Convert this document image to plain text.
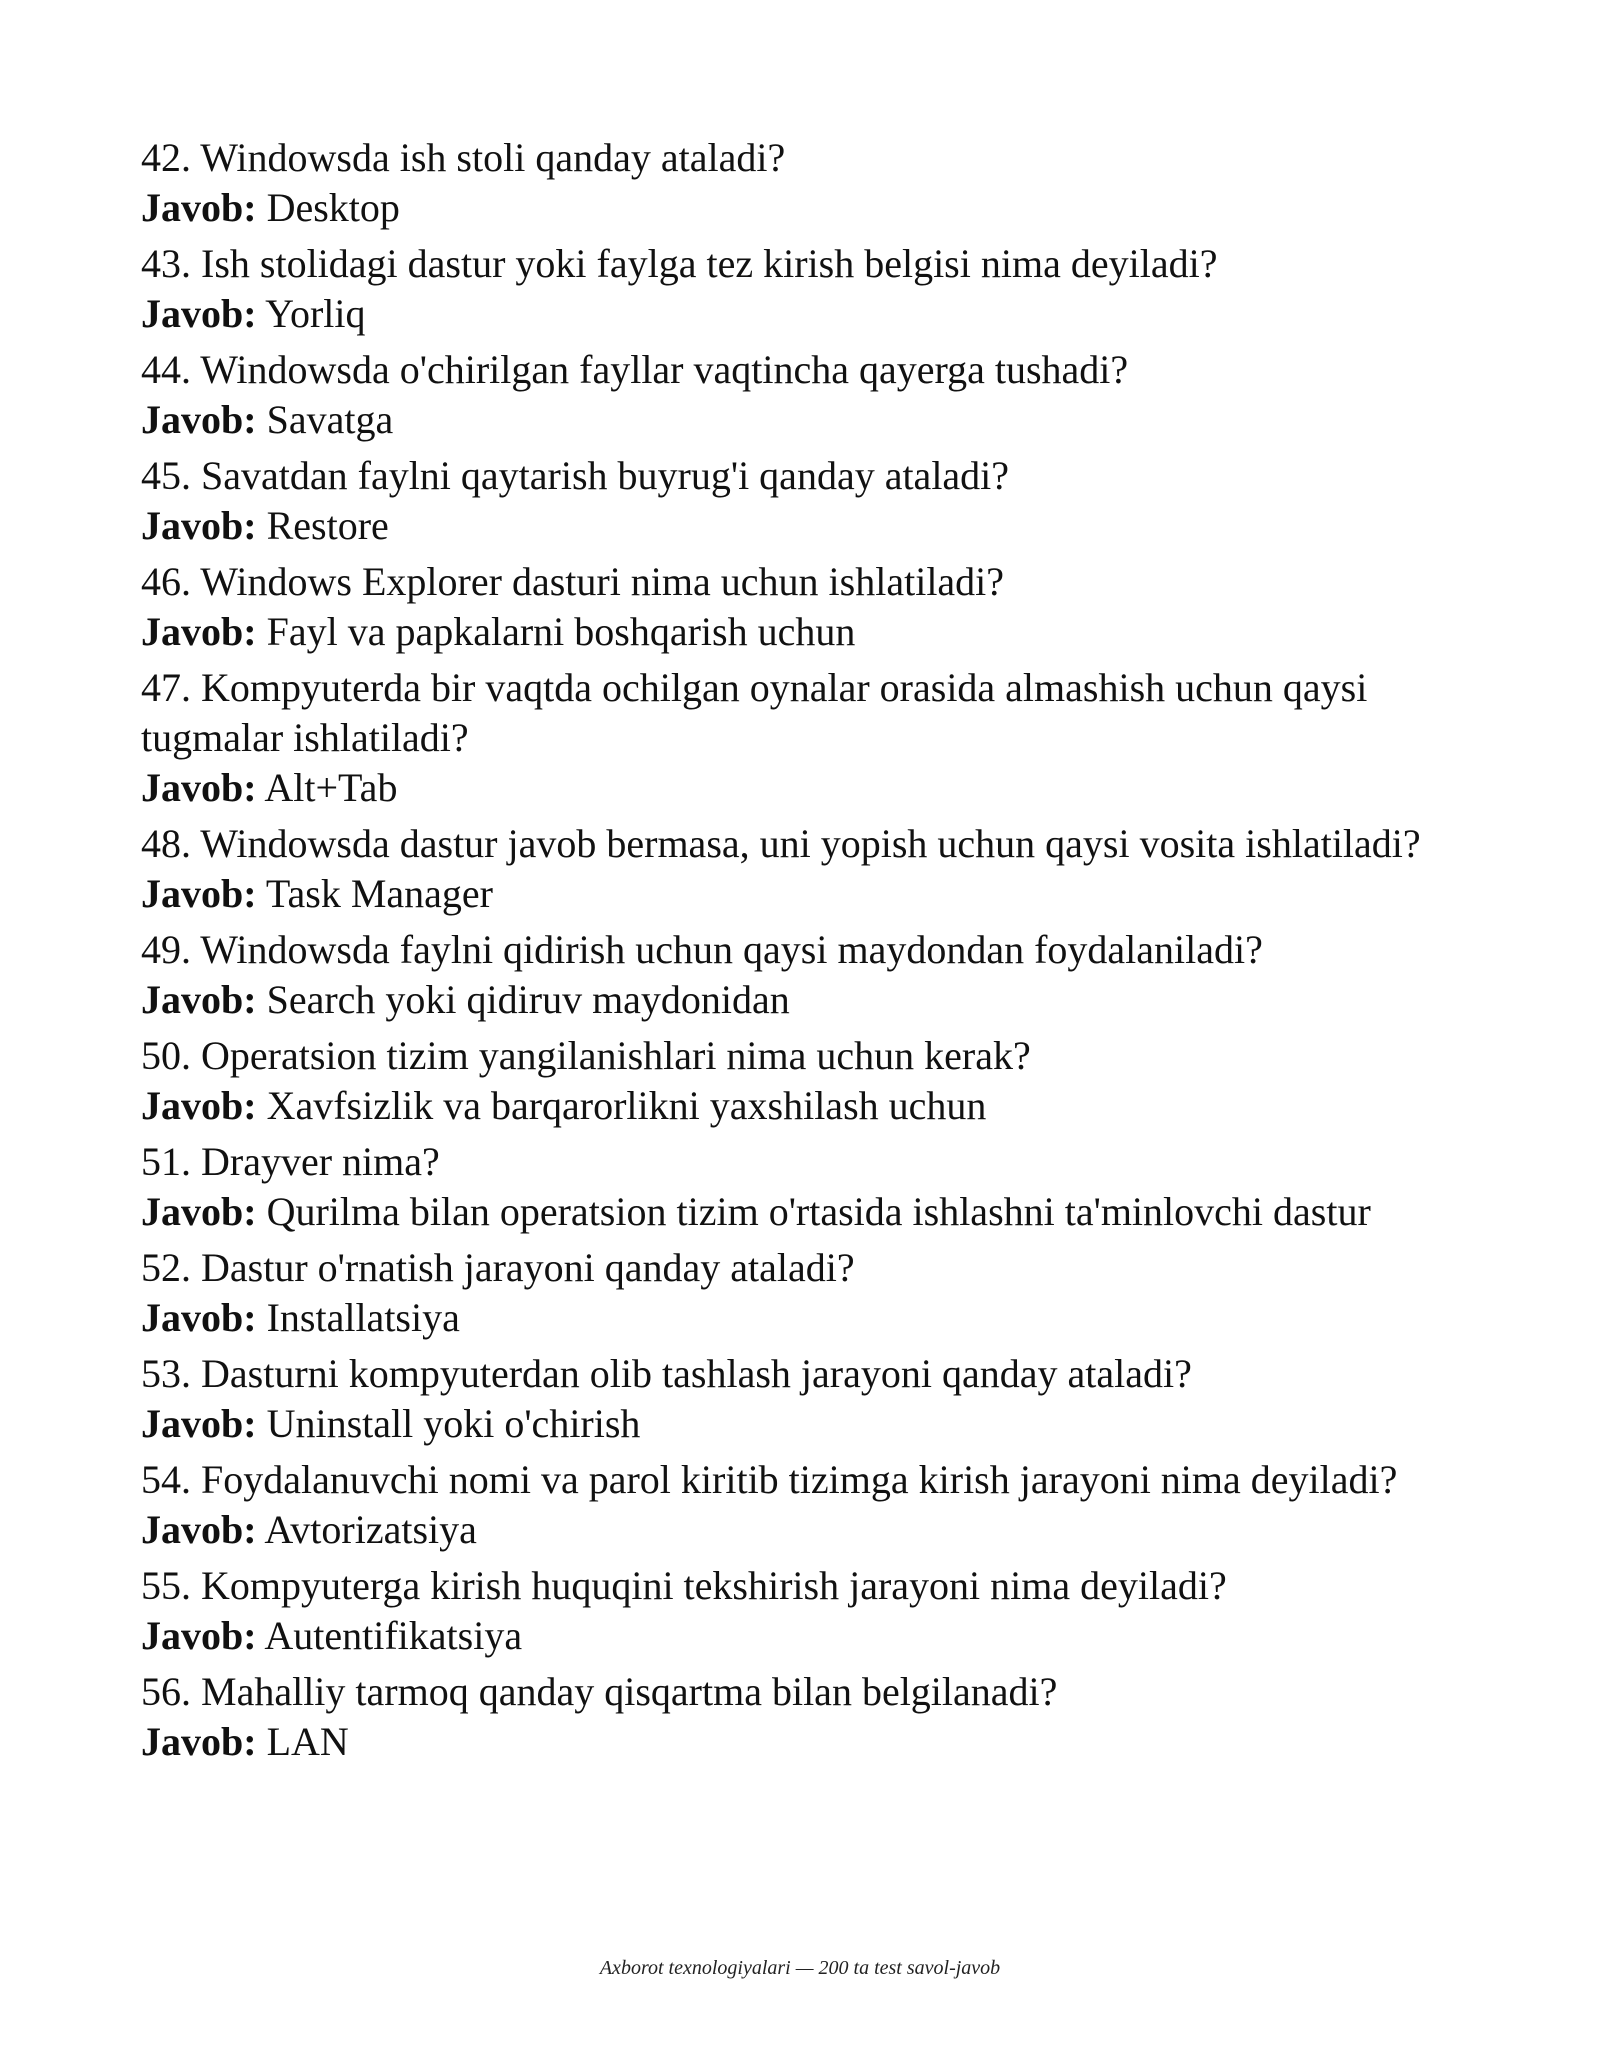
42. Windowsda ish stoli qanday ataladi?

Javob: Desktop

43. Ish stolidagi dastur yoki faylga tez kirish belgisi nima deyiladi?

Javob: Yorliq

44. Windowsda o'chirilgan fayllar vaqtincha qayerga tushadi?

Javob: Savatga

45. Savatdan faylni qaytarish buyrug'i qanday ataladi?

Javob: Restore

46. Windows Explorer dasturi nima uchun ishlatiladi?

Javob: Fayl va papkalarni boshqarish uchun

47. Kompyuterda bir vaqtda ochilgan oynalar orasida almashish uchun qaysi tugmalar ishlatiladi?

Javob: Alt+Tab

48. Windowsda dastur javob bermasa, uni yopish uchun qaysi vosita ishlatiladi?

Javob: Task Manager

49. Windowsda faylni qidirish uchun qaysi maydondan foydalaniladi?

Javob: Search yoki qidiruv maydonidan

50. Operatsion tizim yangilanishlari nima uchun kerak?

Javob: Xavfsizlik va barqarorlikni yaxshilash uchun

51. Drayver nima?

Javob: Qurilma bilan operatsion tizim o'rtasida ishlashni ta'minlovchi dastur

52. Dastur o'rnatish jarayoni qanday ataladi?

Javob: Installatsiya

53. Dasturni kompyuterdan olib tashlash jarayoni qanday ataladi?

Javob: Uninstall yoki o'chirish

54. Foydalanuvchi nomi va parol kiritib tizimga kirish jarayoni nima deyiladi?

Javob: Avtorizatsiya

55. Kompyuterga kirish huquqini tekshirish jarayoni nima deyiladi?

Javob: Autentifikatsiya

56. Mahalliy tarmoq qanday qisqartma bilan belgilanadi?

Javob: LAN

Axborot texnologiyalari — 200 ta test savol-javob
